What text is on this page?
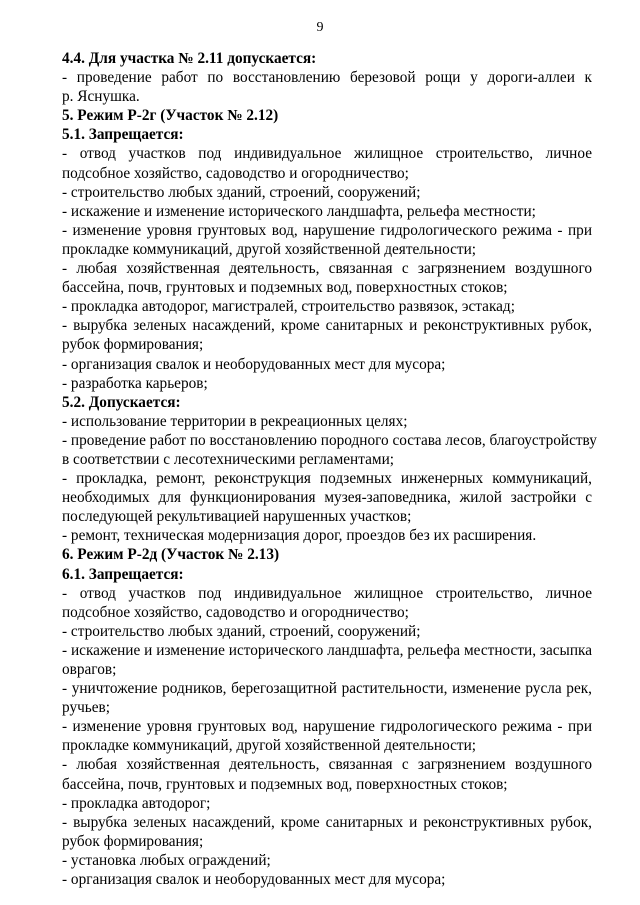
9
4.4. Для участка № 2.11 допускается:
- проведение работ по восстановлению березовой рощи у дороги-аллеи к
р. Яснушка.
5. Режим Р-2г (Участок № 2.12)
5.1. Запрещается:
- отвод участков под индивидуальное жилищное строительство, личное
подсобное хозяйство, садоводство и огородничество;
- строительство любых зданий, строений, сооружений;
- искажение и изменение исторического ландшафта, рельефа местности;
- изменение уровня грунтовых вод, нарушение гидрологического режима - при
прокладке коммуникаций, другой хозяйственной деятельности;
- любая хозяйственная деятельность, связанная с загрязнением воздушного
бассейна, почв, грунтовых и подземных вод, поверхностных стоков;
- прокладка автодорог, магистралей, строительство развязок, эстакад;
- вырубка зеленых насаждений, кроме санитарных и реконструктивных рубок,
рубок формирования;
- организация свалок и необорудованных мест для мусора;
- разработка карьеров;
5.2. Допускается:
- использование территории в рекреационных целях;
- проведение работ по восстановлению породного состава лесов, благоустройству
в соответствии с лесотехническими регламентами;
- прокладка, ремонт, реконструкция подземных инженерных коммуникаций,
необходимых для функционирования музея-заповедника, жилой застройки с
последующей рекультивацией нарушенных участков;
- ремонт, техническая модернизация дорог, проездов без их расширения.
6. Режим Р-2д (Участок № 2.13)
6.1. Запрещается:
- отвод участков под индивидуальное жилищное строительство, личное
подсобное хозяйство, садоводство и огородничество;
- строительство любых зданий, строений, сооружений;
- искажение и изменение исторического ландшафта, рельефа местности, засыпка
оврагов;
- уничтожение родников, берегозащитной растительности, изменение русла рек,
ручьев;
- изменение уровня грунтовых вод, нарушение гидрологического режима - при
прокладке коммуникаций, другой хозяйственной деятельности;
- любая хозяйственная деятельность, связанная с загрязнением воздушного
бассейна, почв, грунтовых и подземных вод, поверхностных стоков;
- прокладка автодорог;
- вырубка зеленых насаждений, кроме санитарных и реконструктивных рубок,
рубок формирования;
- установка любых ограждений;
- организация свалок и необорудованных мест для мусора;
